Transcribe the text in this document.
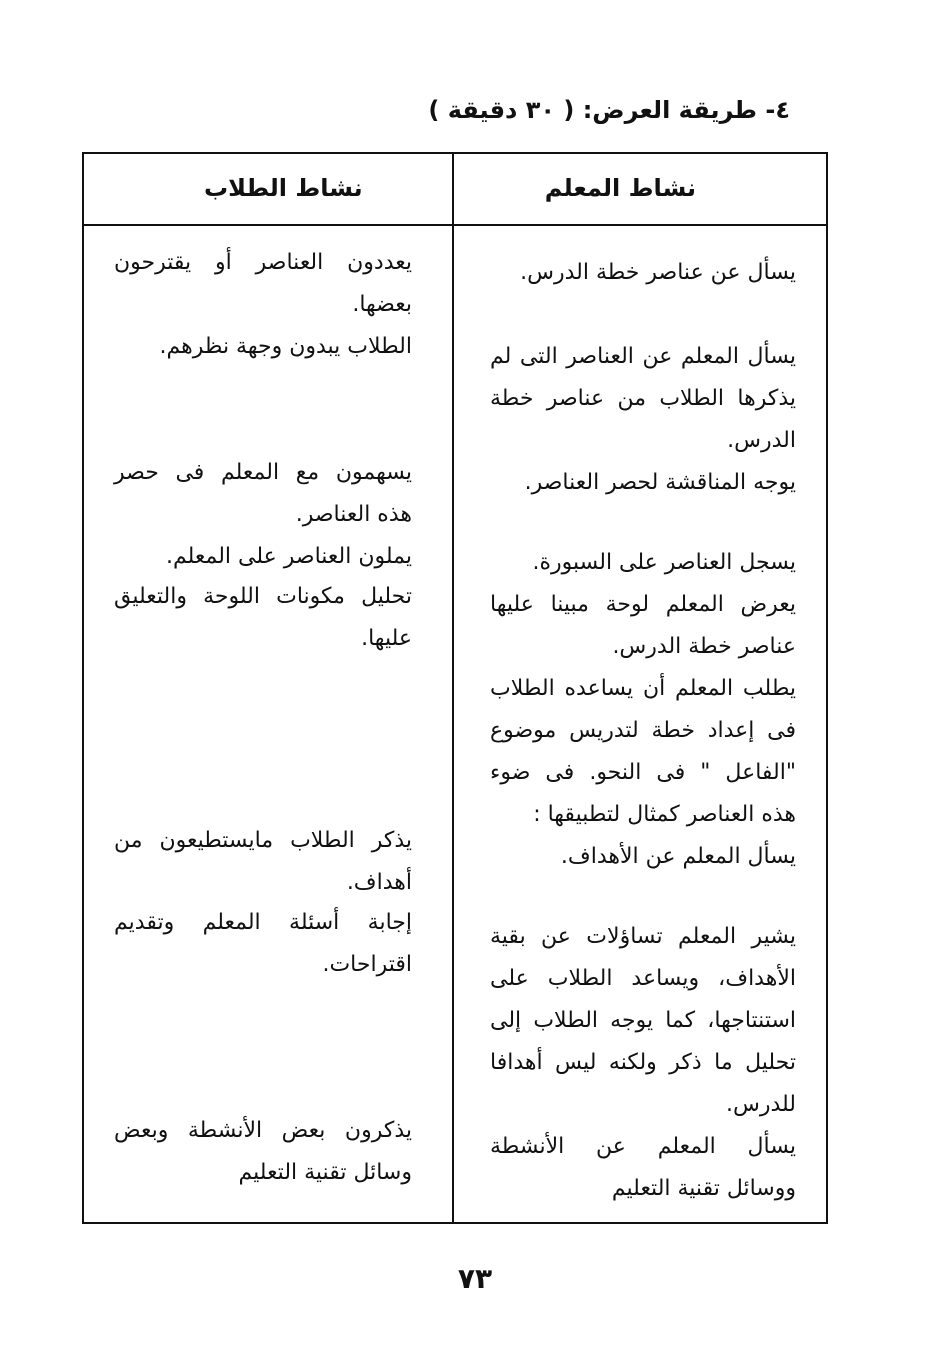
٤- طريقة العرض: ( ٣٠ دقيقة )
نشاط المعلم
نشاط الطلاب
يسأل عن عناصر خطة الدرس.
يسأل المعلم عن العناصر التى لم يذكرها الطلاب من عناصر خطة الدرس.
يوجه المناقشة لحصر العناصر.
يسجل العناصر على السبورة.
يعرض المعلم لوحة مبينا عليها عناصر خطة الدرس.
يطلب المعلم أن يساعده الطلاب فى إعداد خطة لتدريس موضوع "الفاعل " فى النحو. فى ضوء هذه العناصر كمثال لتطبيقها :
يسأل المعلم عن الأهداف.
يشير المعلم تساؤلات عن بقية الأهداف، ويساعد الطلاب على استنتاجها، كما يوجه الطلاب إلى تحليل ما ذكر ولكنه ليس أهدافا للدرس.
يسأل المعلم عن الأنشطة ووسائل تقنية التعليم
يعددون العناصر أو يقترحون بعضها.
الطلاب يبدون وجهة نظرهم.
يسهمون مع المعلم فى حصر هذه العناصر.
يملون العناصر على المعلم.
تحليل مكونات اللوحة والتعليق عليها.
يذكر الطلاب مايستطيعون من أهداف.
إجابة أسئلة المعلم وتقديم اقتراحات.
يذكرون بعض الأنشطة وبعض وسائل تقنية التعليم
٧٣
